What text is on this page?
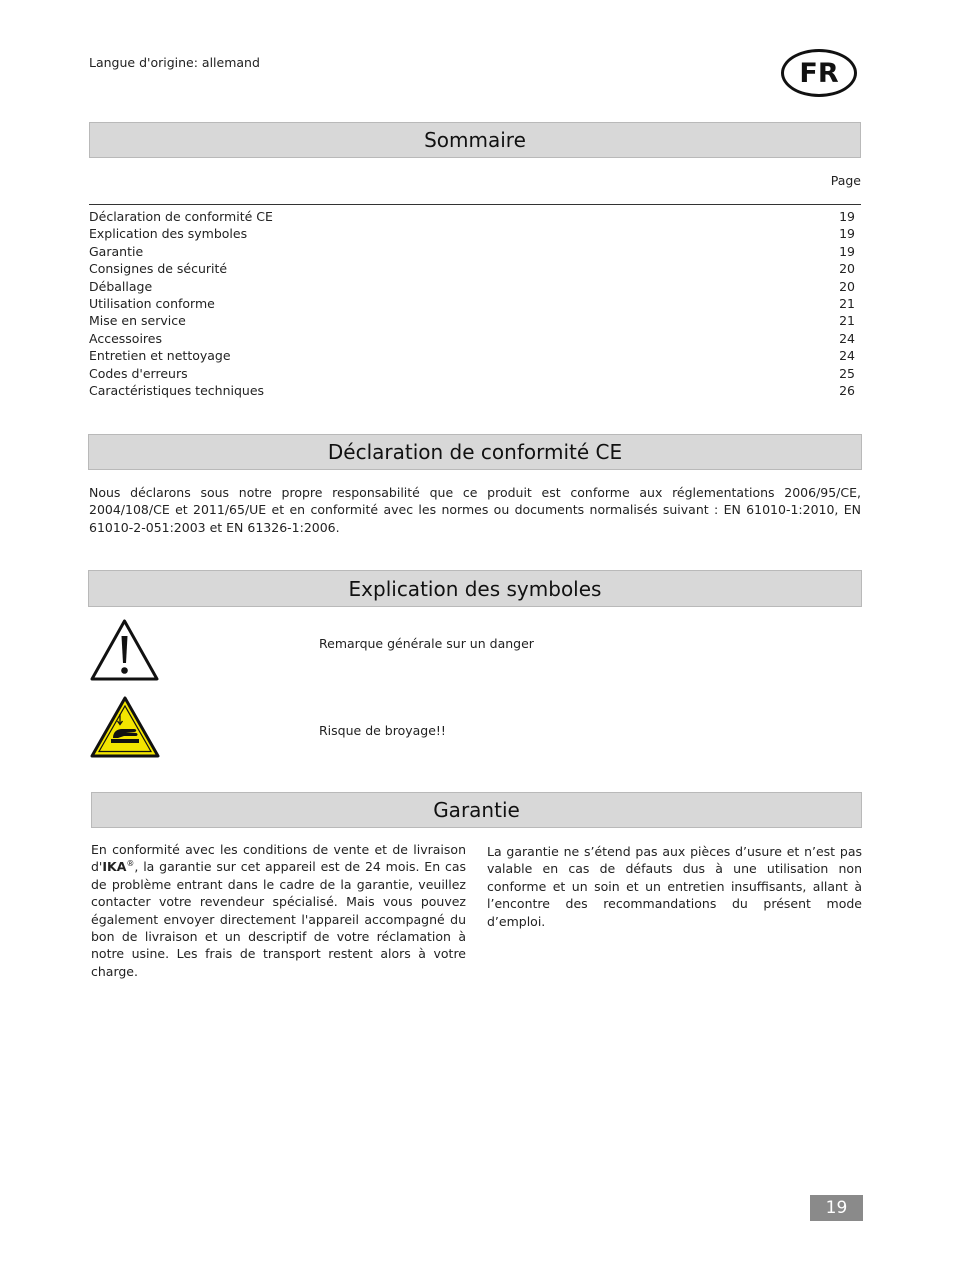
Langue d'origine: allemand	FR
Sommaire
Page
Déclaration de conformité CE	19
Explication des symboles	19
Garantie	19
Consignes de sécurité	20
Déballage	20
Utilisation conforme	21
Mise en service	21
Accessoires	24
Entretien et nettoyage	24
Codes d'erreurs	25
Caractéristiques techniques	26
Déclaration de conformité CE
Nous déclarons sous notre propre responsabilité que ce produit est conforme aux réglementations 2006/95/CE, 2004/108/CE et 2011/65/UE et en conformité avec les normes ou documents normalisés suivant : EN 61010-1:2010, EN 61010-2-051:2003 et EN 61326-1:2006.
Explication des symboles
Remarque générale sur un danger
Risque de broyage!!
Garantie
En conformité avec les conditions de vente et de livraison d'IKA®, la garantie sur cet appareil est de 24 mois. En cas de problème entrant dans le cadre de la garantie, veuillez contacter votre revendeur spécialisé. Mais vous pouvez également envoyer directement l'appareil accompagné du bon de livraison et un descriptif de votre réclamation à notre usine. Les frais de transport restent alors à votre charge.
La garantie ne s’étend pas aux pièces d’usure et n’est pas valable en cas de défauts dus à une utilisation non conforme et un soin et un entretien insuffisants, allant à l’encontre des recommandations du présent mode d’emploi.
19
